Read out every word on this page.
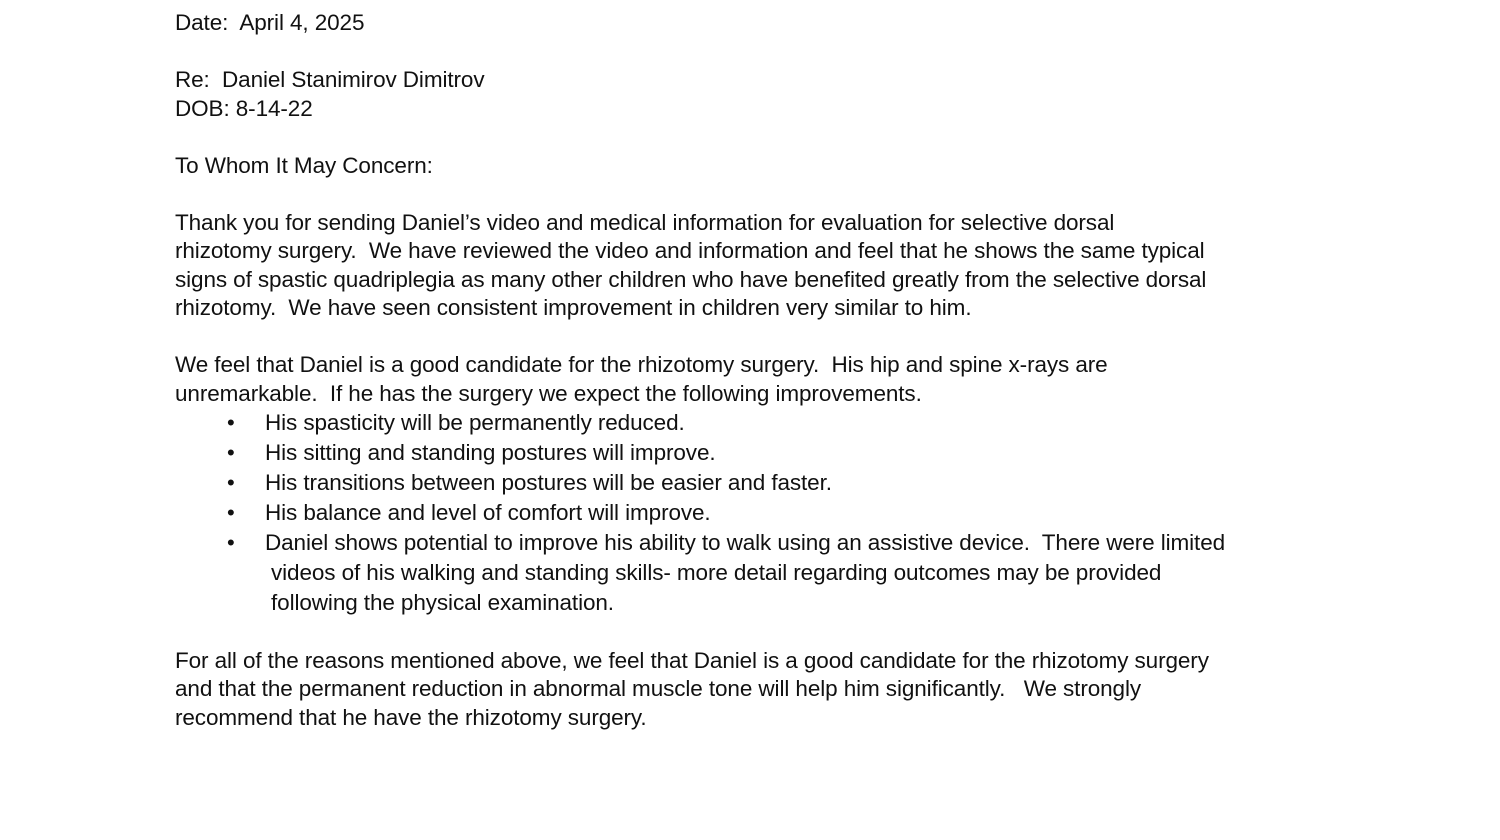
Date:  April 4, 2025

Re:  Daniel Stanimirov Dimitrov

DOB: 8-14-22

To Whom It May Concern:

Thank you for sending Daniel’s video and medical information for evaluation for selective dorsal

rhizotomy surgery.  We have reviewed the video and information and feel that he shows the same typical

signs of spastic quadriplegia as many other children who have benefited greatly from the selective dorsal

rhizotomy.  We have seen consistent improvement in children very similar to him.

We feel that Daniel is a good candidate for the rhizotomy surgery.  His hip and spine x-rays are

unremarkable.  If he has the surgery we expect the following improvements.

• His spasticity will be permanently reduced.
• His sitting and standing postures will improve.
• His transitions between postures will be easier and faster.
• His balance and level of comfort will improve.
• Daniel shows potential to improve his ability to walk using an assistive device.  There were limited
videos of his walking and standing skills- more detail regarding outcomes may be provided
following the physical examination.

For all of the reasons mentioned above, we feel that Daniel is a good candidate for the rhizotomy surgery

and that the permanent reduction in abnormal muscle tone will help him significantly.   We strongly

recommend that he have the rhizotomy surgery.
